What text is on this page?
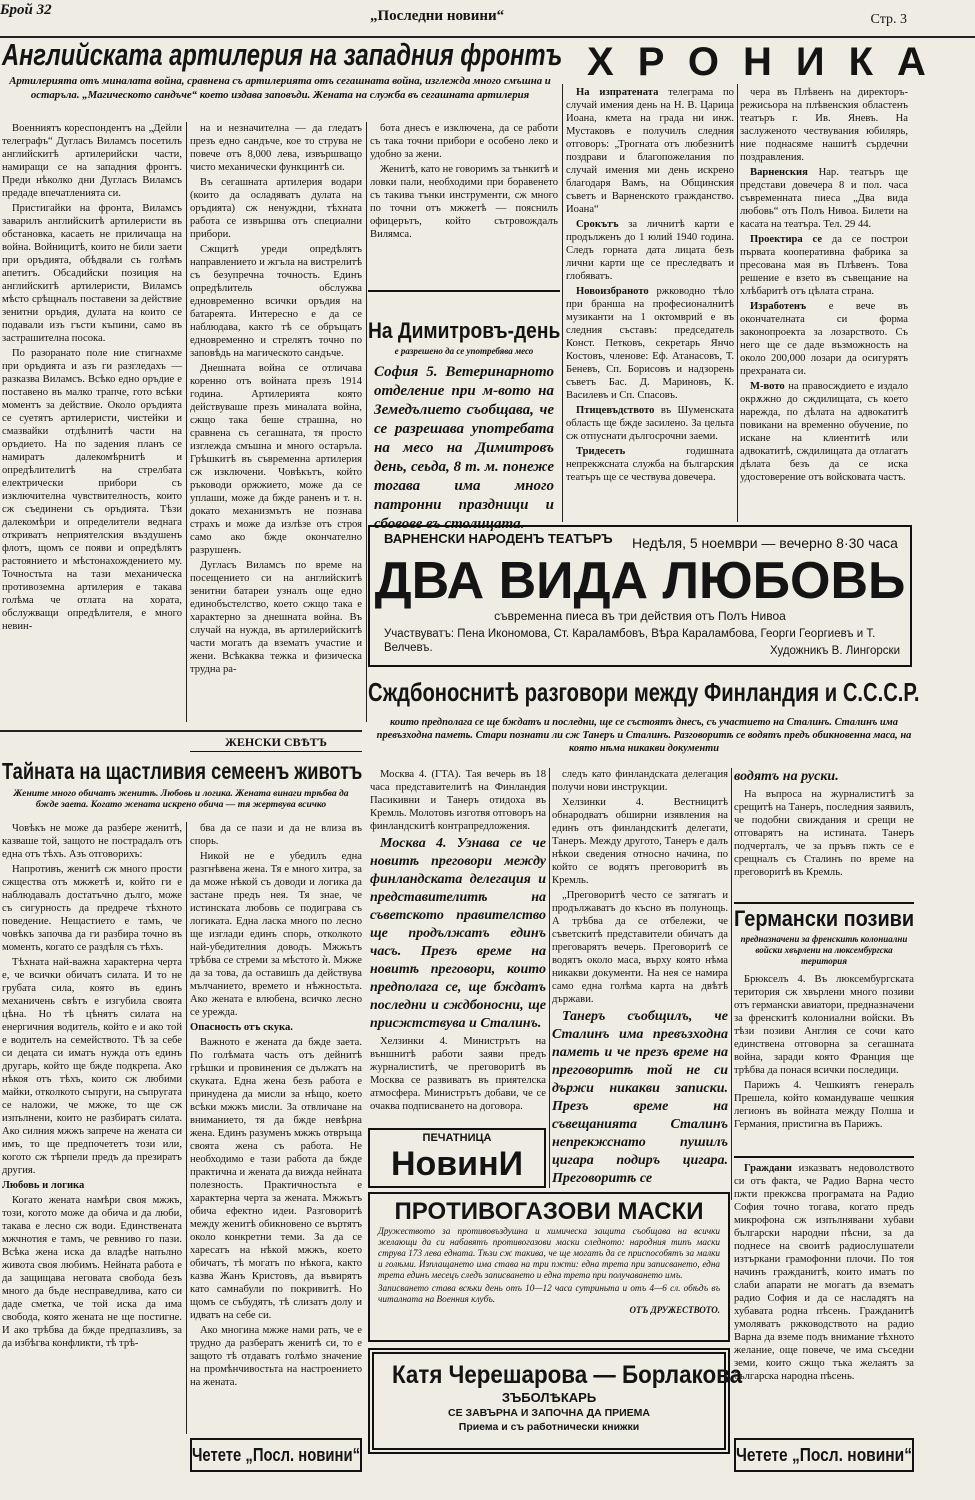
Брой 32	„Последни новини“	Стр. 3
Английската артилерия на западния фронтъ
Артилерията отъ миналата война, сравнена съ артилерията отъ сегашната война, изглежда много смъшна и остаръла. „Магическото сандъче“ което издава заповъди. Жената на служба въ сегашната артилерия

Военниятъ кореспондентъ на „Дейли телеграфъ“ Дугласъ Виламсъ посетилъ английскитѣ артилерийски части, намиращи се на западния фронтъ. Преди нѣколко дни Дугласъ Виламсъ предаде впечатленията си.

Пристигайки на фронта, Виламсъ заварилъ английскитѣ артилеристи въ обстановка, касаеть не приличаща на война. Войницитѣ, които не били заети при оръдията, обѣдвали съ голѣмъ апетитъ. Обсадийски позиция на английскитѣ артилеристи, Виламсъ мѣсто срѣщналъ поставени за действие зенитни оръдия, дулата на които се подавали изъ гъсти къпини, само въ застрашителна посока.

По разоранато поле ние стигнахме при оръдията и азъ ги разгледахъ — разказва Виламсъ. Всѣко едно оръдие е поставено въ малко трапче, гото всѣки моментъ за действие. Около оръдията се суетятъ артилеристи, чистейки и смазвайки отдѣлнитѣ части на оръдието. На по задения планъ се намиратъ далекомѣрнитѣ и опредѣлителитѣ на стрелбата електрически прибори съ изключителна чувствителность, които сж съединени съ оръдията. Тѣзи далекомѣри и определители веднага откриватъ неприятелския въздушенъ флотъ, щомъ се появи и опредѣлятъ растоянието и мѣстонахождението му. Точностьта на тази механическа противоземна артилерия е такава голѣма че отлата на хората, обслужващи опредѣлителя, е много невин-

на и незначителна — да гледатъ презъ едно сандъче, кое то струва не повече отъ 8,000 лева, извършващо чисто механически функцинтѣ си.

Въ сегашната артилерия водари (които да оcладяватъ дулата на оръдията) сж ненуждни, тѣхната работа се извършва отъ специални прибори.

Сжщитѣ уреди опредѣлятъ направлението и жгъла на вистрелитѣ съ безупречна точность. Единъ опредѣлитель обслужва едновременно всички оръдия на батареята. Интересно е да се наблюдава, както тѣ се обръщатъ едновременно и стрелятъ точно по заповѣдь на магическото сандъче.

Днешната война се отличава коренно отъ войната презъ 1914 година. Артилерията която действуваше презъ миналата война, сжщо така беше страшна, но сравнена съ сегашната, тя просто изглежда смъшна и много остаръла. Грѣшкитѣ въ съвременна артилерия сж изключени. Човѣкътъ, който ръководи оржжието, може да се уплаши, може да бжде раненъ и т. н. докато механизмътъ не познава страхъ и може да излѣзе отъ строя само ако бжде окончателно разрушенъ.

Дугласъ Виламсъ по време на посещението си на английскитѣ зенитни батареи узналъ още едно единобъстелство, което сжщо така е характерно за днешната война. Въ случай на нужда, въ артилерийскитѣ части могатъ да взематъ участие и жени. Всѣкаква тежка и физическа трудна ра-

бота днесъ е изключена, да се работи съ така точни прибори е особено леко и удобно за жени.

Женитѣ, като не говоримъ за тънкитѣ и ловки пали, необходими при боравенето съ такива тънки инструменти, сж много по точни отъ мжжетѣ — пояснилъ офицерътъ, който сътровождалъ Вилямса.

На Димитровъ-день
е разрешено да се употребява месо
София 5. Ветеринарното отделение при м-вото на Земедълието съобщава, че се разрешава употребата на месо на Димитровъ день, сеьда, 8 т. м. понеже тогава има много патронни праздници и сбовове въ столицата.
ХРОНИКА

На изпратената телеграма по случай имения день на Н. В. Царица Иоана, кмета на града ни инж. Мустаковъ е получилъ следния отговоръ: „Трогната отъ любезнитѣ поздрави и благопожелания по случай имения ми день искрено благодаря Вамъ, на Общинския съветъ и Варненското гражданство. Иоана“

Срокътъ за личнитѣ карти е продълженъ до 1 юлий 1940 година. Следъ горната дата лицата безъ лични карти ще се преследватъ и глобяватъ.

Новоизбраното ржководно тѣло при бранша на професионалнитѣ музиканти на 1 октомврий е въ следния съставъ: председатель Конст. Петковъ, секретарь Янчо Костовъ, членове: Еф. Атанасовъ, Т. Беневъ, Сп. Борисовъ и надзорень съветъ Бас. Д. Мариновъ, К. Василевъ и Сп. Спасовъ.

Птицевъдството въ Шуменската область ще бжде засилено. За цельта сж отпуснати дългосрочни заеми.

Тридесеть	годишната непрекжсната служба на българския театъръ ще се чествува довечера.

чера въ Плѣвенъ на директоръ-режисьора на плѣвенския областенъ театъръ г. Ив. Яневъ. На заслуженото чествувания юбилярь, ние поднасяме нашитѣ сърдечни поздравления.

Варненския Нар. театъръ ще представи довечера 8 и пол. часа съвременната пиеса „Два вида любовь“ отъ Полъ Нивоа. Билети на касата на театъра. Тел. 29 44.

Проектира се да се построи първата кооперативна фабрика за пресована мая въ Плѣвенъ. Това решение е взето въ съвещание на хлѣбаритѣ отъ цѣлата страна.

Изработенъ е вече въ окончателната си форма законопроекта за лозарството. Съ него ще се даде възможность на около 200,000 лозари да осигурятъ прехраната си.

М-вото на правосждието е издало окрѫжно до сждилищата, съ което нарежда, по дѣлата на адвокатитѣ повикани на временно обучение, по искане на клиентитѣ или адвокатитѣ, сждилищата да отлагатъ дѣлата безъ да се иска удостоверение отъ войсковата частъ.

ВАРНЕНСКИ НАРОДЕНЪ ТЕАТЪРЪ Недѣля, 5 ноември — вечерно 8·30 часа
ДВА ВИДА ЛЮБОВЬ
съвременна пиеса въ три действия отъ Полъ Нивоа
Участвуватъ: Пена Икономова, Ст. Караламбовъ, Вѣра Караламбова, Георги Георгиевъ и Т. Велчевъ.	Художникъ В. Лингорски
Сждбоноснитѣ разговори между Финландия и С.С.С.Р.
които предполага се ще бждатъ и последни, ще се състоятъ днесъ, съ участието на Сталинъ. Сталинъ има превъзходна паметь. Стари познати ли сж Танеръ и Сталинъ. Разговоритѣ се водятъ предъ обикновенна маса, на която нѣма никакви документи

Москва 4. (ГТА). Тая вечерь въ 18 часа представителитѣ на Финландия Пасикивни и Танеръ отидоха въ Кремль. Молотовъ изготвя отговоръ на финландскитѣ контрапредложения.

Москва 4. Узнава се че новитѣ преговори между финландската делегация и представителитѣ на съветското правителство ще продължатъ единъ часъ. Презъ време на новитѣ преговори, които предполага се, ще бждатъ последни и сждбоносни, ще присжтствува и Сталинъ.

Хелзинки 4. Министрътъ на външнитѣ работи заяви предъ журналиститѣ, че преговоритѣ въ Москва се развиватъ въ приятелска атмосфера. Министрътъ добави, че се очаква подписването на договора.

следъ като финландската делегация получи нови инструкции.

Хелзинки 4. Вестницитѣ обнародватъ обширни изявления на единъ отъ финландскитѣ делегати, Танеръ. Между другото, Танеръ е далъ нѣкои сведения относно начина, по който се водятъ преговоритѣ въ Кремль.

„Преговоритѣ често се затягатъ и продължаватъ до късно въ полунощь. А трѣбва да се отбележи, че съветскитѣ представители обичатъ да преговарятъ вечерь. Преговоритѣ се водятъ около маса, върху която нѣма никакви документи. На нея се намира само една голѣма карта на двѣтѣ държави.

Танеръ съобщилъ, че Сталинъ има превъзходна паметь и че презъ време на преговоритѣ той не си държи никакви записки. Презъ време на съвещанията Сталинъ непрекжснато пушилъ цигара подиръ цигара. Преговоритѣ се

водятъ на руски.

На въпроса на журналиститѣ за срещитѣ на Танеръ, последния заявилъ, че подобни свиждания и срещи не отговарятъ на истината. Танеръ подчерталъ, че за пръвъ пжть се е срещналъ съ Сталинъ по време на преговоритѣ въ Кремль.

Германски позиви
предназначени за френскитѣ колониални войски хвърлени на люксембургска територия

Брюкселъ 4. Въ люксембургската територия сж хвърлени много позиви отъ германски авиатори, предназначени за френскитѣ колониални войски. Въ тѣзи позиви Англия се сочи като единствена отговорна за сегашната война, заради която Франция ще трѣбва да понася всички последици.

Парижъ 4. Чешкиятъ генералъ Прешела, който командуваше чешкия легионъ въ войната между Полша и Германия, пристигна въ Парижъ.

Граждани изказватъ недоволството си отъ факта, че Радио Варна често пжти прекжсва програмата на Радио София точно тогава, когато предъ микрофона сж изпълнявани хубави български народни пѣсни, за да поднесе на своитѣ радиослушатели изтъркани грамофонни плочи. По тоя начинъ гражданитѣ, които иматъ по слаби апарати не могатъ да взематъ радио София и да се насладятъ на хубавата родна пѣсень. Гражданитѣ умоляватъ ржководството на радио Варна да вземе подъ внимание тѣхното желание, още повече, че има съседни земи, които сжщо тъка желаятъ за българска народна пѣсень.

ЖЕНСКИ СВѢТЪ
Тайната на щастливия семеенъ животъ
Жените много обичатъ женитѣ. Любовь и логика. Жената винаги трѣбва да бжде заета. Когато жената искрено обича — тя жертвува всичко

Човѣкъ не може да разбере женитѣ, казваше той, защото не пострадалъ отъ една отъ тѣхъ. Азъ отговорихъ:

Напротивъ, женитѣ сж много прости сжщества отъ мжжетѣ и, който ги е наблюдавалъ достатъчно дълго, може съ сигурность да предрече тѣхното поведение. Нещастието е тамъ, че човѣкъ започва да ги разбира точно въ моменть, когато се раздѣля съ тѣхъ.

Тѣхната най-важна характерна черта е, че всички обичатъ силата. И то не грубата сила, която въ единъ механичень свѣтъ е изгубила своята цѣна. Но тѣ цѣнятъ силата на енергичния водитель, който е и ако той е водителъ на семейството. Тѣ за себе си децата си иматъ нужда отъ единъ другарь, който ще бжде подкрепа. Ако нѣкоя отъ тѣхъ, които сж любими майки, отколкото съпруги, на съпругата се наложи, че мжже, то ще сж изпълнени, които не разбиратъ силата. Ако силния мжжъ запрече на жената си имъ, то ще предпочететъ този или, когото сж тѣрпели предъ да презиратъ другия.

Любовь и логика

Когато жената намѣри своя мжжъ, този, когото може да обича и да люби, такава е лесно сж води. Единствената мжчнотия е тамъ, че ревниво го пази. Всѣка жена иска да владѣе напълно живота своя любимъ. Нейната работа е да защищава неговата свобода безъ много да бъде несправедлива, като си даде сметка, че той иска да има свобода, която жената не ще постигне. И ако трѣбва да бжде предпазливъ, за да избѣгва конфликти, тѣ трѣ-

бва да се пази и да не влиза въ спорь.

Никой не е убедилъ една разгнѣвена жена. Тя е много хитра, за да може нѣкой съ доводи и логика да застане предъ нея. Тя знае, че истинската любовь се подиграва съ логиката. Една ласка много по лесно ще изглади единъ спорь, отколкото най-убедителния доводъ. Мжжътъ трѣбва се стреми за мѣстото ѝ. Мжже да за това, да оставишъ да действува мълчанието, времето и нѣжностьта. Ако жената е влюбена, всичко лесно се урежда.

Опасность отъ скука.

Важното е жената да бжде заета. По голѣмата часть отъ дейнитѣ грѣшки и провинения се дължатъ на скуката. Една жена безъ работа е принудена да мисли за нѣщо, което всѣки мжжъ мисли. За отвличане на вниманието, тя да бжде невѣрна жена. Единъ разуменъ мжжъ отвръща своята жена съ работа. Не необходимо е тази работа да бжде практична и жената да вижда нейната полезность. Практичностьта е характерна черта за жената. Мжжътъ обича ефектно идеи. Разговоритѣ между женитѣ обикновено се въртятъ около конкретни теми. За да се харесатъ на нѣкой мжжъ, което обичатъ, тѣ могатъ по нѣкога, както казва Жанъ Кристовъ, да въвирятъ като самнабули по покривитѣ. Но щомъ се събудятъ, тѣ слизатъ долу и идватъ на себе си.

Ако многина мжже нами рать, че е трудно да разбератъ женитѣ си, то е защото тѣ отдаватъ голѣмо значение на промѣнчивостьта на настроението на жената.

ПЕЧАТНИЦА
НовинИ
ПРОТИВОГАЗОВИ МАСКИ
Дружеството за противовъздушна и химическа защита съобщава на всички желающи да си набавятъ противогазови маски следното: народния типъ маски струва 173 лева едната. Тѣзи сж такива, че ще могатъ да се приспособятъ за малки и голѣми. Изплащането има става на три пжти: една трета при записването, една трета единъ месецъ следъ записването и една трета при получаването имъ.
Записването става всѣки день отъ 10—12 часа сутриньта и отъ 4—6 сл. обѣдъ въ читалната на Военния клубъ.
ОТЪ ДРУЖЕСТВОТО.
Катя Черешарова — Борлакова
ЗЪБОЛѢКАРЬ
СЕ ЗАВЪРНА И ЗАПОЧНА ДА ПРИЕМА
Приема и съ работнически книжки
Четете „Посл. новини“	Четете „Посл. новини“
